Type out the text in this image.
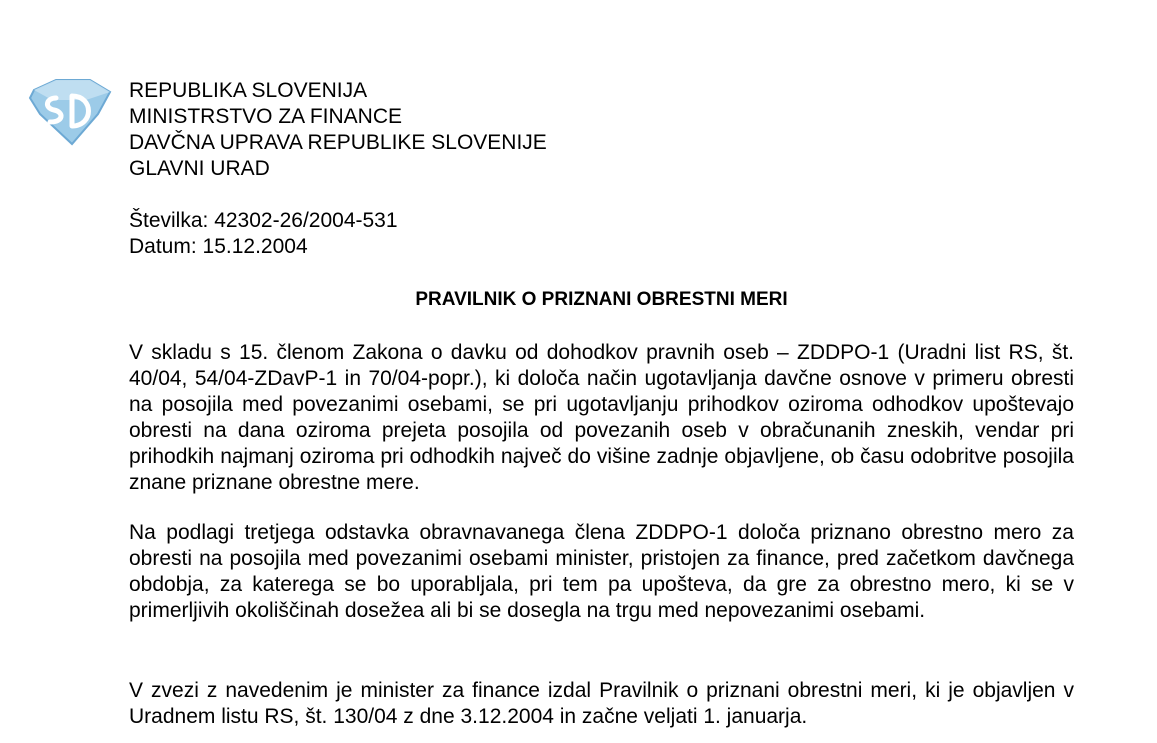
REPUBLIKA SLOVENIJA
MINISTRSTVO ZA FINANCE
DAVČNA UPRAVA REPUBLIKE SLOVENIJE
GLAVNI URAD
Številka: 42302-26/2004-531
Datum: 15.12.2004
PRAVILNIK O PRIZNANI OBRESTNI MERI

V skladu s 15. členom Zakona o davku od dohodkov pravnih oseb – ZDDPO-1 (Uradni list RS, št. 40/04, 54/04-ZDavP-1 in 70/04-popr.), ki določa način ugotavljanja davčne osnove v primeru obresti na posojila med povezanimi osebami, se pri ugotavljanju prihodkov oziroma odhodkov upoštevajo obresti na dana oziroma prejeta posojila od povezanih oseb v obračunanih zneskih, vendar pri prihodkih najmanj oziroma pri odhodkih največ do višine zadnje objavljene, ob času odobritve posojila znane priznane obrestne mere.

Na podlagi tretjega odstavka obravnavanega člena ZDDPO-1 določa priznano obrestno mero za obresti na posojila med povezanimi osebami minister, pristojen za finance, pred začetkom davčnega obdobja, za katerega se bo uporabljala, pri tem pa upošteva, da gre za obrestno mero, ki se v primerljivih okoliščinah dosežea ali bi se dosegla na trgu med nepovezanimi osebami.

V zvezi z navedenim je minister za finance izdal Pravilnik o priznani obrestni meri, ki je objavljen v Uradnem listu RS, št. 130/04 z dne 3.12.2004 in začne veljati 1. januarja.
